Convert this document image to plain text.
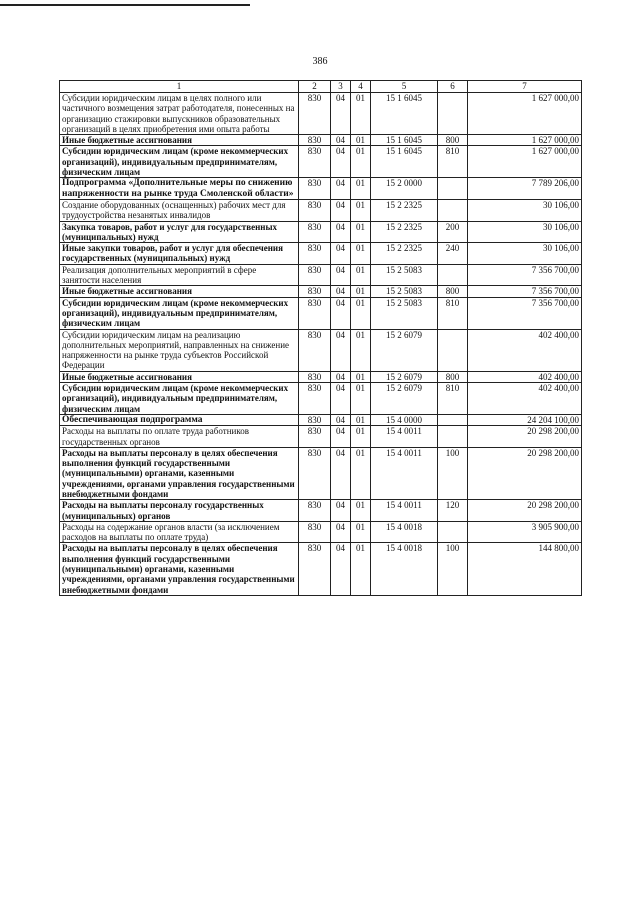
386
1	2	3	4	5	6	7
Субсидии юридическим лицам в целях полного или частичного возмещения затрат работодателя, понесенных на организацию стажировки выпускников образовательных организаций в целях приобретения ими опыта работы	830	04	01	15 1 6045		1 627 000,00
Иные бюджетные ассигнования	830	04	01	15 1 6045	800	1 627 000,00
Субсидии юридическим лицам (кроме некоммерческих организаций), индивидуальным предпринимателям, физическим лицам	830	04	01	15 1 6045	810	1 627 000,00
Подпрограмма «Дополнительные меры по снижению напряженности на рынке труда Смоленской области»	830	04	01	15 2 0000		7 789 206,00
Создание оборудованных (оснащенных) рабочих мест для трудоустройства незанятых инвалидов	830	04	01	15 2 2325		30 106,00
Закупка товаров, работ и услуг для государственных (муниципальных) нужд	830	04	01	15 2 2325	200	30 106,00
Иные закупки товаров, работ и услуг для обеспечения государственных (муниципальных) нужд	830	04	01	15 2 2325	240	30 106,00
Реализация дополнительных мероприятий в сфере занятости населения	830	04	01	15 2 5083		7 356 700,00
Иные бюджетные ассигнования	830	04	01	15 2 5083	800	7 356 700,00
Субсидии юридическим лицам (кроме некоммерческих организаций), индивидуальным предпринимателям, физическим лицам	830	04	01	15 2 5083	810	7 356 700,00
Субсидии юридическим лицам на реализацию дополнительных мероприятий, направленных на снижение напряженности на рынке труда субъектов Российской Федерации	830	04	01	15 2 6079		402 400,00
Иные бюджетные ассигнования	830	04	01	15 2 6079	800	402 400,00
Субсидии юридическим лицам (кроме некоммерческих организаций), индивидуальным предпринимателям, физическим лицам	830	04	01	15 2 6079	810	402 400,00
Обеспечивающая подпрограмма	830	04	01	15 4 0000		24 204 100,00
Расходы на выплаты по оплате труда работников государственных органов	830	04	01	15 4 0011		20 298 200,00
Расходы на выплаты персоналу в целях обеспечения выполнения функций государственными (муниципальными) органами, казенными учреждениями, органами управления государственными внебюджетными фондами	830	04	01	15 4 0011	100	20 298 200,00
Расходы на выплаты персоналу государственных (муниципальных) органов	830	04	01	15 4 0011	120	20 298 200,00
Расходы на содержание органов власти (за исключением расходов на выплаты по оплате труда)	830	04	01	15 4 0018		3 905 900,00
Расходы на выплаты персоналу в целях обеспечения выполнения функций государственными (муниципальными) органами, казенными учреждениями, органами управления государственными внебюджетными фондами	830	04	01	15 4 0018	100	144 800,00
